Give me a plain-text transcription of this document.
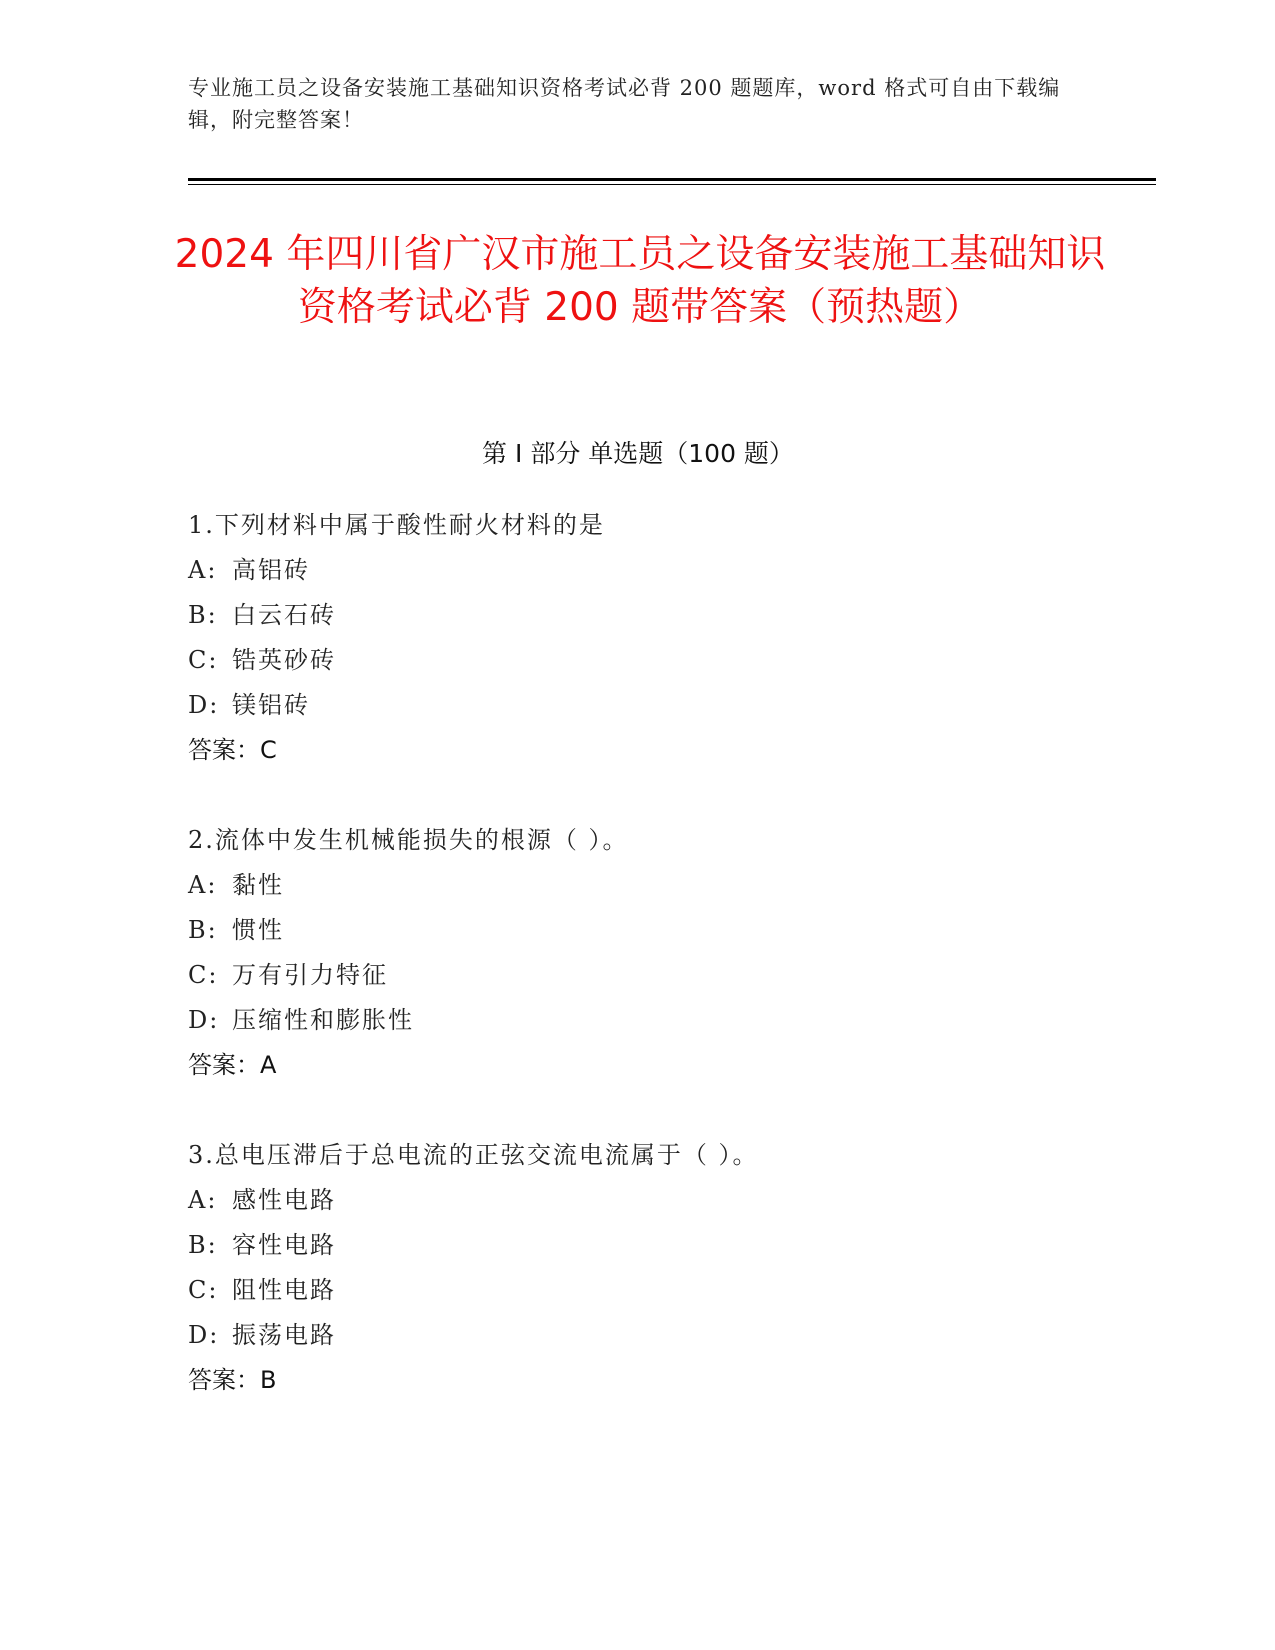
专业施工员之设备安装施工基础知识资格考试必背 200 题题库，word 格式可自由下载编辑，附完整答案！
2024 年四川省广汉市施工员之设备安装施工基础知识资格考试必背 200 题带答案（预热题）
第 I 部分 单选题（100 题）
1.下列材料中属于酸性耐火材料的是
A: 高铝砖
B: 白云石砖
C: 锆英砂砖
D: 镁铝砖
答案：C
2.流体中发生机械能损失的根源（ ）。
A: 黏性
B: 惯性
C: 万有引力特征
D: 压缩性和膨胀性
答案：A
3.总电压滞后于总电流的正弦交流电流属于（ ）。
A: 感性电路
B: 容性电路
C: 阻性电路
D: 振荡电路
答案：B
